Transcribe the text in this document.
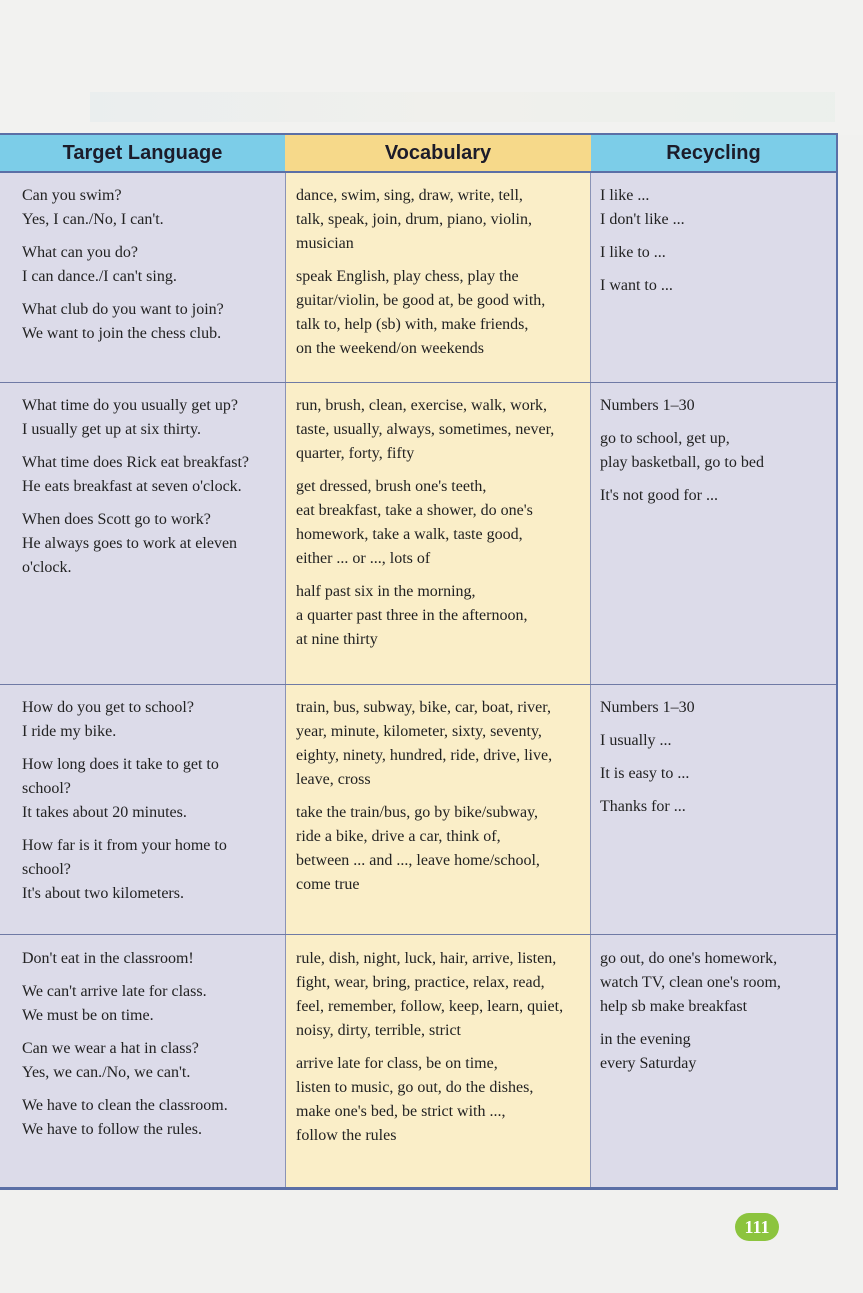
Target Language	Vocabulary	Recycling

Can you swim?
Yes, I can./No, I can't.

What can you do?
I can dance./I can't sing.

What club do you want to join?
We want to join the chess club.

dance, swim, sing, draw, write, tell,
talk, speak, join, drum, piano, violin,
musician

speak English, play chess, play the
guitar/violin, be good at, be good with,
talk to, help (sb) with, make friends,
on the weekend/on weekends

I like ...
I don't like ...

I like to ...

I want to ...

What time do you usually get up?
I usually get up at six thirty.

What time does Rick eat breakfast?
He eats breakfast at seven o'clock.

When does Scott go to work?
He always goes to work at eleven
o'clock.

run, brush, clean, exercise, walk, work,
taste, usually, always, sometimes, never,
quarter, forty, fifty

get dressed, brush one's teeth,
eat breakfast, take a shower, do one's
homework, take a walk, taste good,
either ... or ..., lots of

half past six in the morning,
a quarter past three in the afternoon,
at nine thirty

Numbers 1–30

go to school, get up,
play basketball, go to bed

It's not good for ...

How do you get to school?
I ride my bike.

How long does it take to get to
school?
It takes about 20 minutes.

How far is it from your home to
school?
It's about two kilometers.

train, bus, subway, bike, car, boat, river,
year, minute, kilometer, sixty, seventy,
eighty, ninety, hundred, ride, drive, live,
leave, cross

take the train/bus, go by bike/subway,
ride a bike, drive a car, think of,
between ... and ..., leave home/school,
come true

Numbers 1–30

I usually ...

It is easy to ...

Thanks for ...

Don't eat in the classroom!

We can't arrive late for class.
We must be on time.

Can we wear a hat in class?
Yes, we can./No, we can't.

We have to clean the classroom.
We have to follow the rules.

rule, dish, night, luck, hair, arrive, listen,
fight, wear, bring, practice, relax, read,
feel, remember, follow, keep, learn, quiet,
noisy, dirty, terrible, strict

arrive late for class, be on time,
listen to music, go out, do the dishes,
make one's bed, be strict with ...,
follow the rules

go out, do one's homework,
watch TV, clean one's room,
help sb make breakfast

in the evening
every Saturday

111
